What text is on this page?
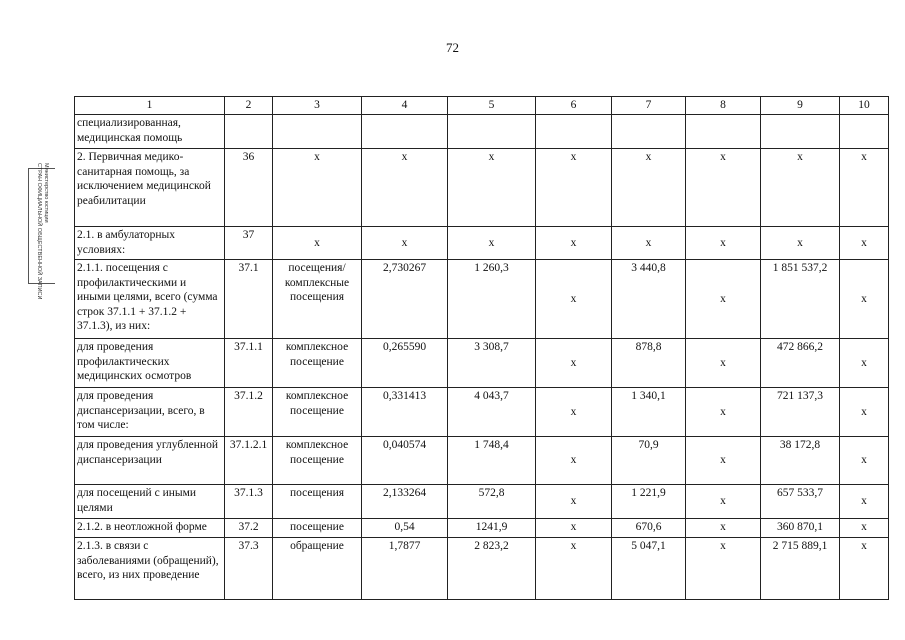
72
Министерство юстиции
СТРАН ОФИЦИАЛЬНОЙ ОБЩЕСТВЕННОЙ ЗАПИСИ
1	2	3	4	5	6	7	8	9	10
специализированная, медицинская помощь									
2. Первичная медико-санитарная помощь, за исключением медицинской реабилитации	36	х	х	х	х	х	х	х	х
2.1. в амбулаторных условиях:	37	х	х	х	х	х	х	х	х
2.1.1. посещения с профилактическими и иными целями, всего (сумма строк 37.1.1 + 37.1.2 + 37.1.3), из них:	37.1	посещения/ комплексные посещения	2,730267	1 260,3	х	3 440,8	х	1 851 537,2	х
для проведения профилактических медицинских осмотров	37.1.1	комплексное посещение	0,265590	3 308,7	х	878,8	х	472 866,2	х
для проведения диспансеризации, всего, в том числе:	37.1.2	комплексное посещение	0,331413	4 043,7	х	1 340,1	х	721 137,3	х
для проведения углубленной диспансеризации	37.1.2.1	комплексное посещение	0,040574	1 748,4	х	70,9	х	38 172,8	х
для посещений с иными целями	37.1.3	посещения	2,133264	572,8	х	1 221,9	х	657 533,7	х
2.1.2. в неотложной форме	37.2	посещение	0,54	1241,9	х	670,6	х	360 870,1	х
2.1.3. в связи с заболеваниями (обращений), всего, из них проведение	37.3	обращение	1,7877	2 823,2	х	5 047,1	х	2 715 889,1	х
